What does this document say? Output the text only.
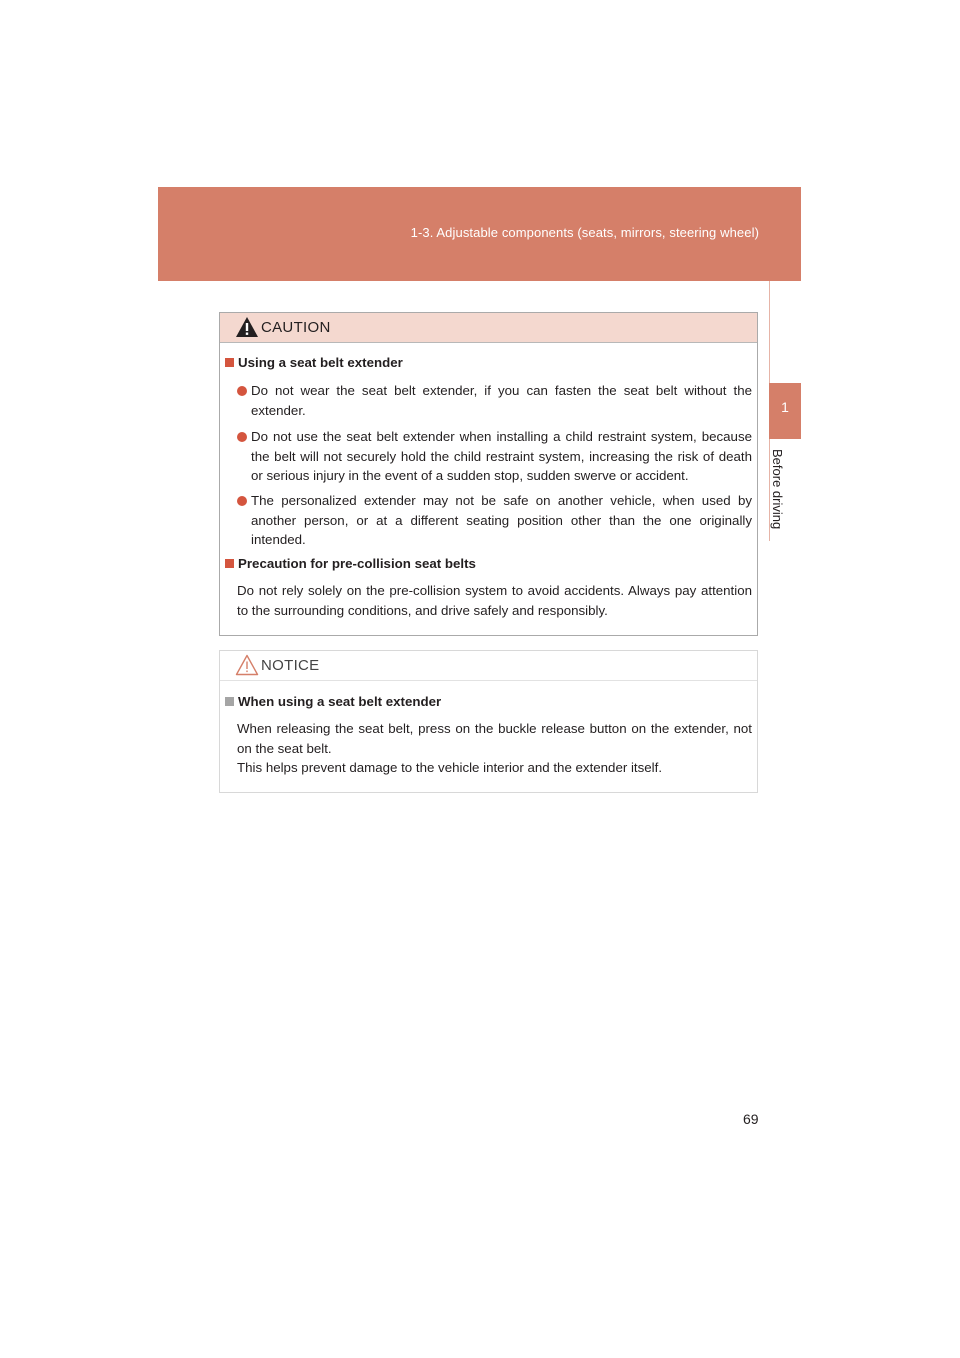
1-3. Adjustable components (seats, mirrors, steering wheel)
1
Before driving
CAUTION
Using a seat belt extender
Do not wear the seat belt extender, if you can fasten the seat belt without the extender.
Do not use the seat belt extender when installing a child restraint system, because the belt will not securely hold the child restraint system, increasing the risk of death or serious injury in the event of a sudden stop, sudden swerve or accident.
The personalized extender may not be safe on another vehicle, when used by another person, or at a different seating position other than the one originally intended.
Precaution for pre-collision seat belts
Do not rely solely on the pre-collision system to avoid accidents. Always pay attention to the surrounding conditions, and drive safely and responsibly.
NOTICE
When using a seat belt extender
When releasing the seat belt, press on the buckle release button on the extender, not on the seat belt.
This helps prevent damage to the vehicle interior and the extender itself.
69
